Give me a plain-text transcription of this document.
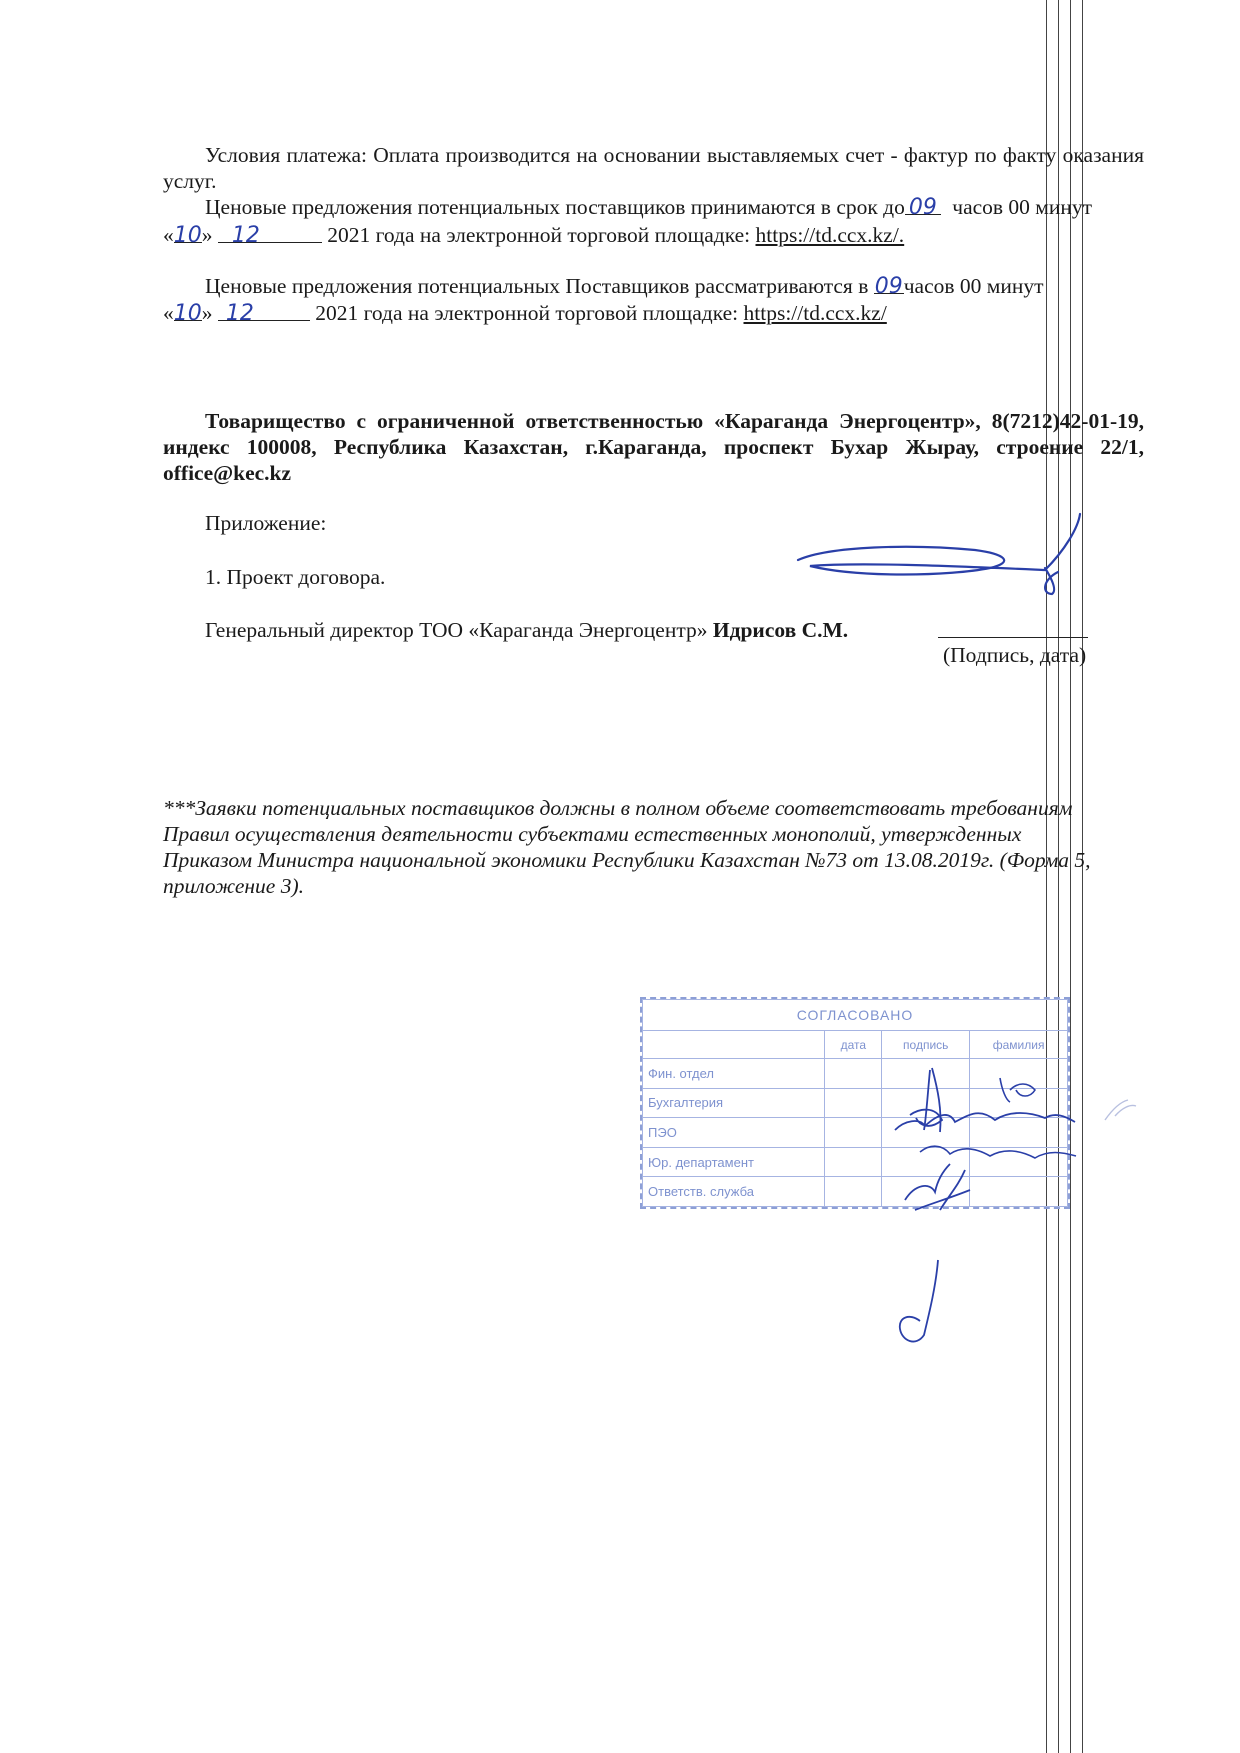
Условия платежа: Оплата производится на основании выставляемых счет - фактур по факту оказания услуг.
Ценовые предложения потенциальных поставщиков принимаются в срок до 09 часов 00 минут
«10» 12	2021 года на электронной торговой площадке: https://td.ccx.kz/.
Ценовые предложения потенциальных Поставщиков рассматриваются в 09часов 00 минут
«10» 12	2021 года на электронной торговой площадке: https://td.ccx.kz/
Товарищество с ограниченной ответственностью «Караганда Энергоцентр», 8(7212)42-01-19, индекс 100008, Республика Казахстан, г.Караганда, проспект Бухар Жырау, строение 22/1, office@kec.kz
Приложение:
1. Проект договора.
Генеральный директор ТОО «Караганда Энергоцентр» Идрисов С.М.
(Подпись, дата)
***Заявки потенциальных поставщиков должны в полном объеме соответствовать требованиям Правил осуществления деятельности субъектами естественных монополий, утвержденных Приказом Министра национальной экономики Республики Казахстан №73 от 13.08.2019г. (Форма 5, приложение 3).
СОГЛАСОВАНО			
	дата	подпись	фамилия
Фин. отдел			
Бухгалтерия			
ПЭО			
Юр. департамент			
Ответств. служба			
